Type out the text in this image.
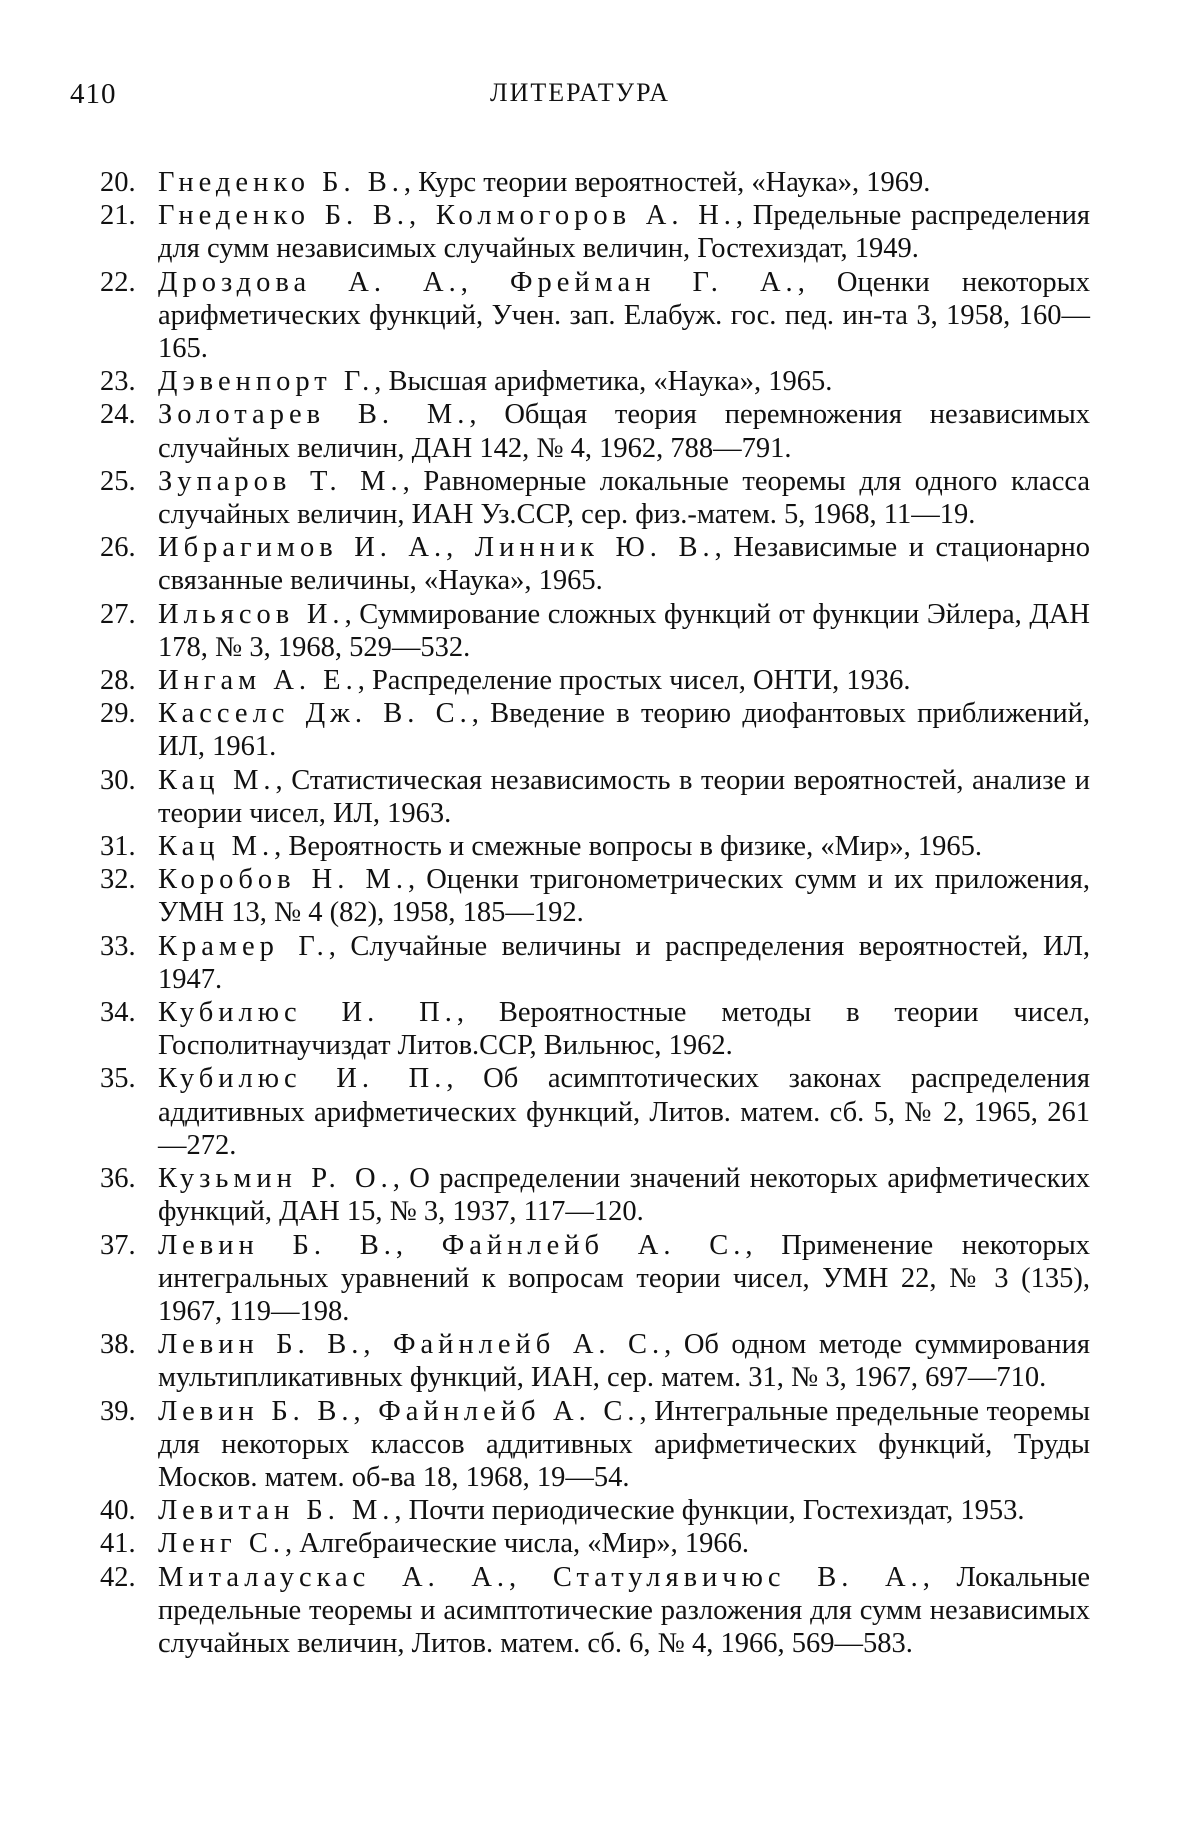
410	ЛИТЕРАТУРА
20. Гнеденко Б. В., Курс теории вероятностей, «Наука», 1969.
21. Гнеденко Б. В., Колмогоров А. Н., Предельные распределения для сумм независимых случайных величин, Гостехиздат, 1949.
22. Дроздова А. А., Фрейман Г. А., Оценки некоторых арифметических функций, Учен. зап. Елабуж. гос. пед. ин-та 3, 1958, 160—165.
23. Дэвенпорт Г., Высшая арифметика, «Наука», 1965.
24. Золотарев В. М., Общая теория перемножения независимых случайных величин, ДАН 142, № 4, 1962, 788—791.
25. Зупаров Т. М., Равномерные локальные теоремы для одного класса случайных величин, ИАН Уз.ССР, сер. физ.-матем. 5, 1968, 11—19.
26. Ибрагимов И. А., Линник Ю. В., Независимые и стационарно связанные величины, «Наука», 1965.
27. Ильясов И., Суммирование сложных функций от функции Эйлера, ДАН 178, № 3, 1968, 529—532.
28. Ингам А. Е., Распределение простых чисел, ОНТИ, 1936.
29. Касселс Дж. В. С., Введение в теорию диофантовых приближений, ИЛ, 1961.
30. Кац М., Статистическая независимость в теории вероятностей, анализе и теории чисел, ИЛ, 1963.
31. Кац М., Вероятность и смежные вопросы в физике, «Мир», 1965.
32. Коробов Н. М., Оценки тригонометрических сумм и их приложения, УМН 13, № 4 (82), 1958, 185—192.
33. Крамер Г., Случайные величины и распределения вероятностей, ИЛ, 1947.
34. Кубилюс И. П., Вероятностные методы в теории чисел, Госполитнаучиздат Литов.ССР, Вильнюс, 1962.
35. Кубилюс И. П., Об асимптотических законах распределения аддитивных арифметических функций, Литов. матем. сб. 5, № 2, 1965, 261—272.
36. Кузьмин Р. О., О распределении значений некоторых арифметических функций, ДАН 15, № 3, 1937, 117—120.
37. Левин Б. В., Файнлейб А. С., Применение некоторых интегральных уравнений к вопросам теории чисел, УМН 22, № 3 (135), 1967, 119—198.
38. Левин Б. В., Файнлейб А. С., Об одном методе суммирования мультипликативных функций, ИАН, сер. матем. 31, № 3, 1967, 697—710.
39. Левин Б. В., Файнлейб А. С., Интегральные предельные теоремы для некоторых классов аддитивных арифметических функций, Труды Москов. матем. об-ва 18, 1968, 19—54.
40. Левитан Б. М., Почти периодические функции, Гостехиздат, 1953.
41. Ленг С., Алгебраические числа, «Мир», 1966.
42. Миталаускас А. А., Статулявичюс В. А., Локальные предельные теоремы и асимптотические разложения для сумм независимых случайных величин, Литов. матем. сб. 6, № 4, 1966, 569—583.
